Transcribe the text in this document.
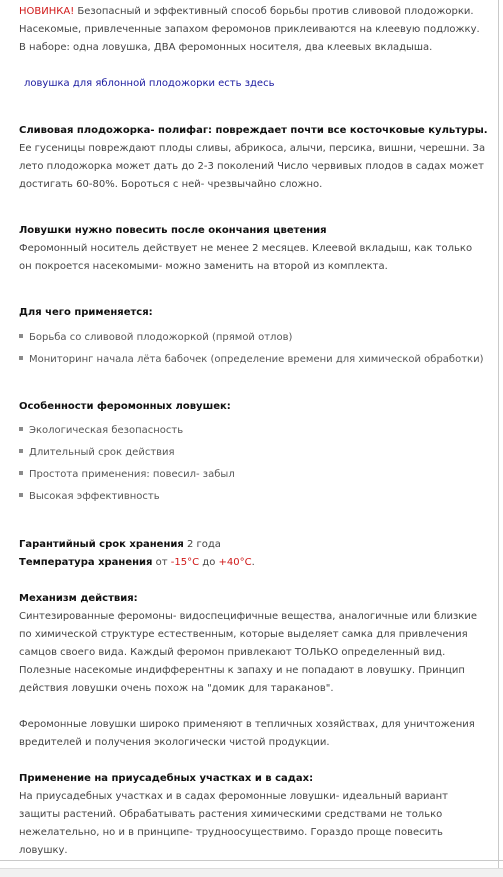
НОВИНКА! Безопасный и эффективный способ борьбы против сливовой плодожорки.
Насекомые, привлеченные запахом феромонов приклеиваются на клеевую подложку.
В наборе: одна ловушка, ДВА феромонных носителя, два клеевых вкладыша.
ловушка для яблонной плодожорки есть здесь
Сливовая плодожорка- полифаг: повреждает почти все косточковые культуры.
Ее гусеницы повреждают плоды сливы, абрикоса, алычи, персика, вишни, черешни. За
лето плодожорка может дать до 2-3 поколений Число червивых плодов в садах может
достигать 60-80%. Бороться с ней- чрезвычайно сложно.
Ловушки нужно повесить после окончания цветения
Феромонный носитель действует не менее 2 месяцев. Клеевой вкладыш, как только
он покроется насекомыми- можно заменить на второй из комплекта.
Для чего применяется:
Борьба со сливовой плодожоркой (прямой отлов)
Мониторинг начала лёта бабочек (определение времени для химической обработки)
Особенности феромонных ловушек:
Экологическая безопасность
Длительный срок действия
Простота применения: повесил- забыл
Высокая эффективность
Гарантийный срок хранения 2 года
Температура хранения от -15°С до +40°С.
Механизм действия:
Синтезированные феромоны- видоспецифичные вещества, аналогичные или близкие
по химической структуре естественным, которые выделяет самка для привлечения
самцов своего вида. Каждый феромон привлекают ТОЛЬКО определенный вид.
Полезные насекомые индифферентны к запаху и не попадают в ловушку. Принцип
действия ловушки очень похож на "домик для тараканов".
Феромонные ловушки широко применяют в тепличных хозяйствах, для уничтожения
вредителей и получения экологически чистой продукции.
Применение на приусадебных участках и в садах:
На приусадебных участках и в садах феромонные ловушки- идеальный вариант
защиты растений. Обрабатывать растения химическими средствами не только
нежелательно, но и в принципе- трудноосуществимо. Гораздо проще повесить
ловушку.
